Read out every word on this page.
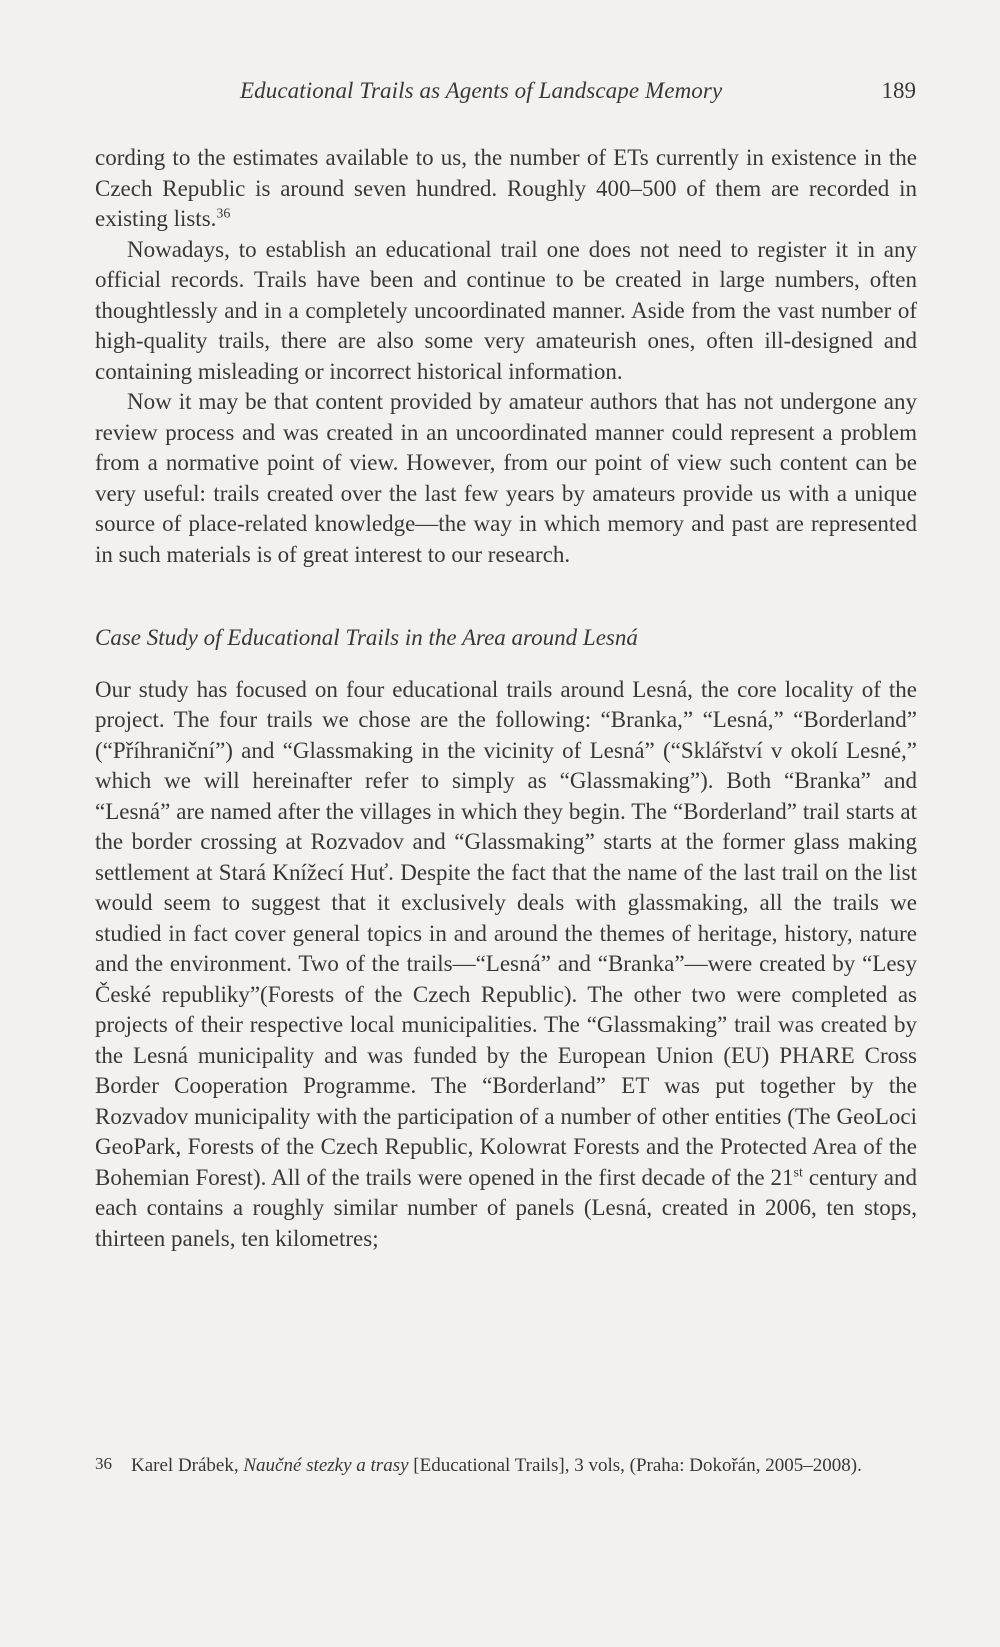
Educational Trails as Agents of Landscape Memory	189

cording to the estimates available to us, the number of ETs currently in existence in the Czech Republic is around seven hundred. Roughly 400–500 of them are recorded in existing lists.$^{36}$

Nowadays, to establish an educational trail one does not need to register it in any official records. Trails have been and continue to be created in large numbers, often thoughtlessly and in a completely uncoordinated manner. Aside from the vast number of high-quality trails, there are also some very amateurish ones, often ill-designed and containing misleading or incorrect historical information.

Now it may be that content provided by amateur authors that has not undergone any review process and was created in an uncoordinated manner could represent a problem from a normative point of view. However, from our point of view such content can be very useful: trails created over the last few years by amateurs provide us with a unique source of place-related knowledge—the way in which memory and past are represented in such materials is of great interest to our research.

Case Study of Educational Trails in the Area around Lesná

Our study has focused on four educational trails around Lesná, the core locality of the project. The four trails we chose are the following: “Branka,” “Lesná,” “Borderland” (“Příhraniční”) and “Glassmaking in the vicinity of Lesná” (“Sklářství v okolí Lesné,” which we will hereinafter refer to simply as “Glassmaking”). Both “Branka” and “Lesná” are named after the villages in which they begin. The “Borderland” trail starts at the border crossing at Rozvadov and “Glassmaking” starts at the former glass making settlement at Stará Knížecí Huť. Despite the fact that the name of the last trail on the list would seem to suggest that it exclusively deals with glassmaking, all the trails we studied in fact cover general topics in and around the themes of heritage, history, nature and the environment. Two of the trails—“Lesná” and “Branka”—were created by “Lesy České republiky”(Forests of the Czech Republic). The other two were completed as projects of their respective local municipalities. The “Glassmaking” trail was created by the Lesná municipality and was funded by the European Union (EU) PHARE Cross Border Cooperation Programme. The “Borderland” ET was put together by the Rozvadov municipality with the participation of a number of other entities (The GeoLoci GeoPark, Forests of the Czech Republic, Kolowrat Forests and the Protected Area of the Bohemian Forest). All of the trails were opened in the first decade of the 21st century and each contains a roughly similar number of panels (Lesná, created in 2006, ten stops, thirteen panels, ten kilometres;

36 Karel Drábek, Naučné stezky a trasy [Educational Trails], 3 vols, (Praha: Dokořán, 2005–2008).
